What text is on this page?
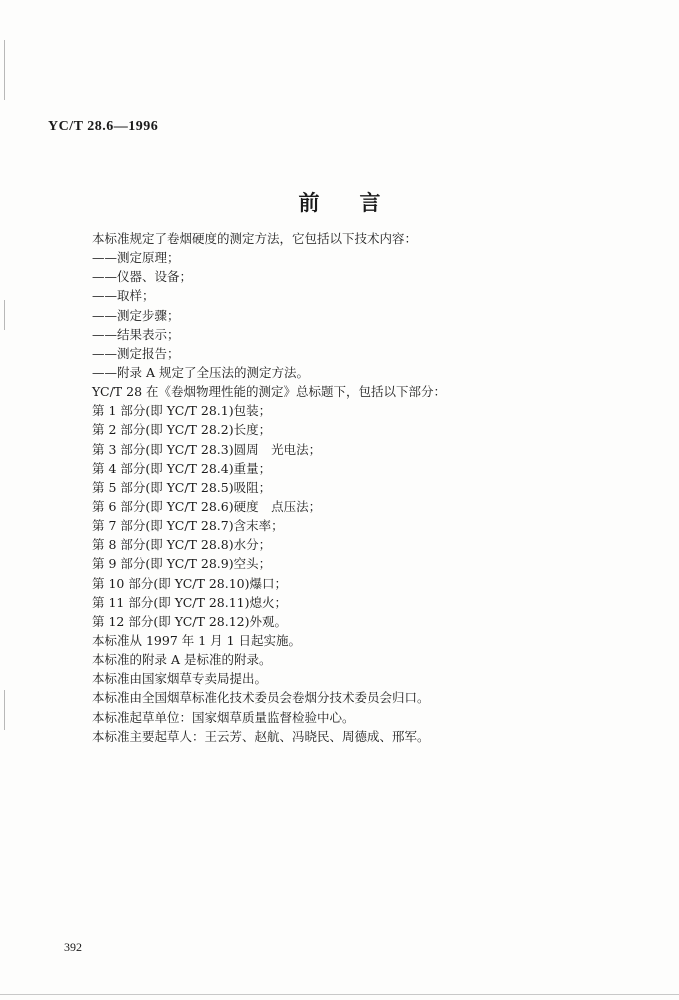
YC/T 28.6—1996
前言
本标准规定了卷烟硬度的测定方法，它包括以下技术内容：
——测定原理；
——仪器、设备；
——取样；
——测定步骤；
——结果表示；
——测定报告；
——附录 A 规定了全压法的测定方法。
YC/T 28 在《卷烟物理性能的测定》总标题下，包括以下部分：
第 1 部分(即 YC/T 28.1)包装；
第 2 部分(即 YC/T 28.2)长度；
第 3 部分(即 YC/T 28.3)圆周　光电法；
第 4 部分(即 YC/T 28.4)重量；
第 5 部分(即 YC/T 28.5)吸阻；
第 6 部分(即 YC/T 28.6)硬度　点压法；
第 7 部分(即 YC/T 28.7)含末率；
第 8 部分(即 YC/T 28.8)水分；
第 9 部分(即 YC/T 28.9)空头；
第 10 部分(即 YC/T 28.10)爆口；
第 11 部分(即 YC/T 28.11)熄火；
第 12 部分(即 YC/T 28.12)外观。
本标准从 1997 年 1 月 1 日起实施。
本标准的附录 A 是标准的附录。
本标准由国家烟草专卖局提出。
本标准由全国烟草标准化技术委员会卷烟分技术委员会归口。
本标准起草单位：国家烟草质量监督检验中心。
本标准主要起草人：王云芳、赵航、冯晓民、周德成、邢军。
392
